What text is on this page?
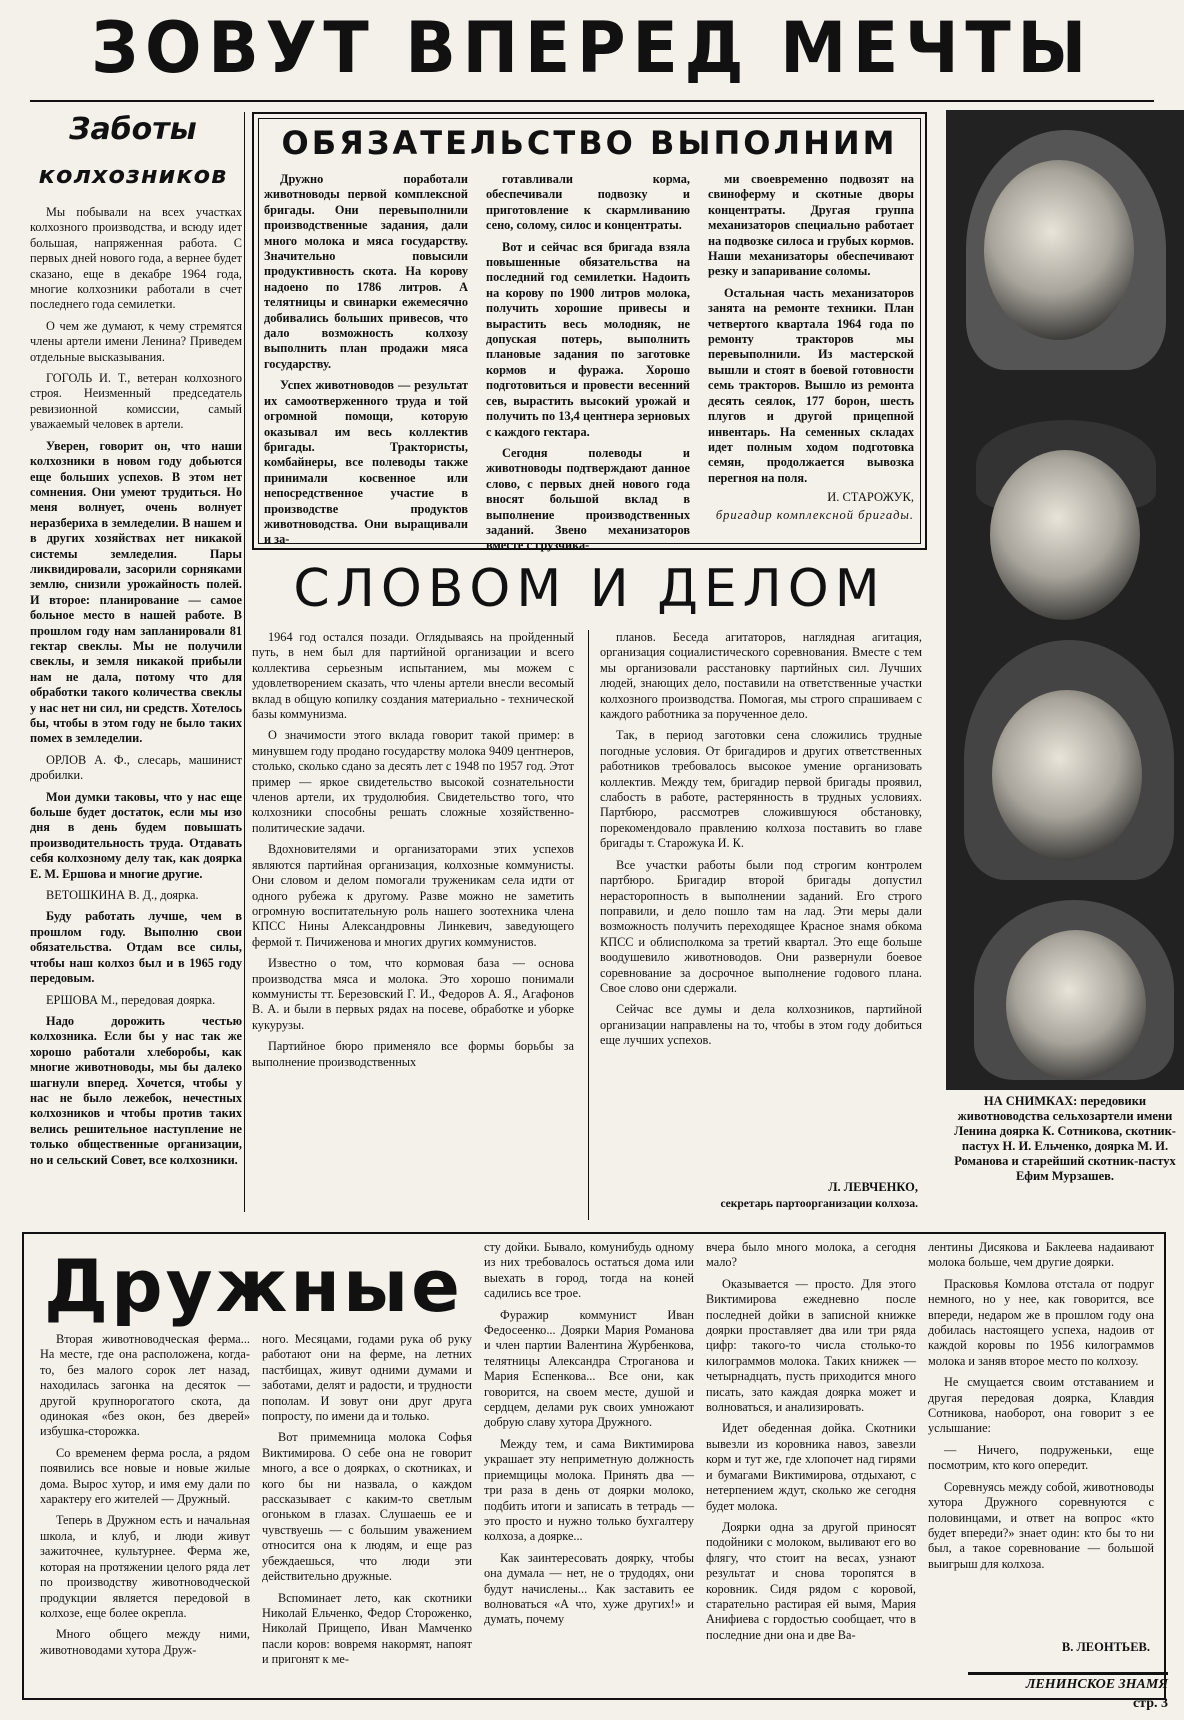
ЗОВУТ ВПЕРЕД МЕЧТЫ
Заботы
колхозников

Мы побывали на всех участках колхозного производства, и всюду идет большая, напряженная работа. С первых дней нового года, а вернее будет сказано, еще в декабре 1964 года, многие колхозники работали в счет последнего года семилетки.

О чем же думают, к чему стремятся члены артели имени Ленина? Приведем отдельные высказывания.

ГОГОЛЬ И. Т., ветеран колхозного строя. Неизменный председатель ревизионной комиссии, самый уважаемый человек в артели.

Уверен, говорит он, что наши колхозники в новом году добьются еще больших успехов. В этом нет сомнения. Они умеют трудиться. Но меня волнует, очень волнует неразбериха в земледелии. В нашем и в других хозяйствах нет никакой системы земледелия. Пары ликвидировали, засорили сорняками землю, снизили урожайность полей. И второе: планирование — самое больное место в нашей работе. В прошлом году нам запланировали 81 гектар свеклы. Мы не получили свеклы, и земля никакой прибыли нам не дала, потому что для обработки такого количества свеклы у нас нет ни сил, ни средств. Хотелось бы, чтобы в этом году не было таких помех в земледелии.

ОРЛОВ А. Ф., слесарь, машинист дробилки.

Мои думки таковы, что у нас еще больше будет достаток, если мы изо дня в день будем повышать производительность труда. Отдавать себя колхозному делу так, как доярка Е. М. Ершова и многие другие.

ВЕТОШКИНА В. Д., доярка.

Буду работать лучше, чем в прошлом году. Выполню свои обязательства. Отдам все силы, чтобы наш колхоз был и в 1965 году передовым.

ЕРШОВА М., передовая доярка.

Надо дорожить честью колхозника. Если бы у нас так же хорошо работали хлеборобы, как многие животноводы, мы бы далеко шагнули вперед. Хочется, чтобы у нас не было лежебок, нечестных колхозников и чтобы против таких велись решительное наступление не только общественные организации, но и сельский Совет, все колхозники.

ОБЯЗАТЕЛЬСТВО ВЫПОЛНИМ

Дружно поработали животноводы первой комплексной бригады. Они перевыполнили производственные задания, дали много молока и мяса государству. Значительно повысили продуктивность скота. На корову надоено по 1786 литров. А телятницы и свинарки ежемесячно добивались больших привесов, что дало возможность колхозу выполнить план продажи мяса государству.

Успех животноводов — результат их самоотверженного труда и той огромной помощи, которую оказывал им весь коллектив бригады. Трактористы, комбайнеры, все полеводы также принимали косвенное или непосредственное участие в производстве продуктов животноводства. Они выращивали и за-

готавливали корма, обеспечивали подвозку и приготовление к скармливанию сено, солому, силос и концентраты.

Вот и сейчас вся бригада взяла повышенные обязательства на последний год семилетки. Надоить на корову по 1900 литров молока, получить хорошие привесы и вырастить весь молодняк, не допуская потерь, выполнить плановые задания по заготовке кормов и фуража. Хорошо подготовиться и провести весенний сев, вырастить высокий урожай и получить по 13,4 центнера зерновых с каждого гектара.

Сегодня полеводы и животноводы подтверждают данное слово, с первых дней нового года вносят большой вклад в выполнение производственных заданий. Звено механизаторов вместе с грузчика-

ми своевременно подвозят на свиноферму и скотные дворы концентраты. Другая группа механизаторов специально работает на подвозке силоса и грубых кормов. Наши механизаторы обеспечивают резку и запаривание соломы.

Остальная часть механизаторов занята на ремонте техники. План четвертого квартала 1964 года по ремонту тракторов мы перевыполнили. Из мастерской вышли и стоят в боевой готовности семь тракторов. Вышло из ремонта десять сеялок, 177 борон, шесть плугов и другой прицепной инвентарь. На семенных складах идет полным ходом подготовка семян, продолжается вывозка перегноя на поля.

И. СТАРОЖУК,
бригадир комплексной бригады.
СЛОВОМ И ДЕЛОМ

1964 год остался позади. Оглядываясь на пройденный путь, в нем был для партийной организации и всего коллектива серьезным испытанием, мы можем с удовлетворением сказать, что члены артели внесли весомый вклад в общую копилку создания материально - технической базы коммунизма.

О значимости этого вклада говорит такой пример: в минувшем году продано государству молока 9409 центнеров, столько, сколько сдано за десять лет с 1948 по 1957 год. Этот пример — яркое свидетельство высокой сознательности членов артели, их трудолюбия. Свидетельство того, что колхозники способны решать сложные хозяйственно-политические задачи.

Вдохновителями и организаторами этих успехов являются партийная организация, колхозные коммунисты. Они словом и делом помогали труженикам села идти от одного рубежа к другому. Разве можно не заметить огромную воспитательную роль нашего зоотехника члена КПСС Нины Александровны Линкевич, заведующего фермой т. Пичиженова и многих других коммунистов.

Известно о том, что кормовая база — основа производства мяса и молока. Это хорошо понимали коммунисты тт. Березовский Г. И., Федоров А. Я., Агафонов В. А. и были в первых рядах на посеве, обработке и уборке кукурузы.

Партийное бюро применяло все формы борьбы за выполнение производственных

планов. Беседа агитаторов, наглядная агитация, организация социалистического соревнования. Вместе с тем мы организовали расстановку партийных сил. Лучших людей, знающих дело, поставили на ответственные участки колхозного производства. Помогая, мы строго спрашиваем с каждого работника за порученное дело.

Так, в период заготовки сена сложились трудные погодные условия. От бригадиров и других ответственных работников требовалось высокое умение организовать коллектив. Между тем, бригадир первой бригады проявил, слабость в работе, растерянность в трудных условиях. Партбюро, рассмотрев сложившуюся обстановку, порекомендовало правлению колхоза поставить во главе бригады т. Старожука И. К.

Все участки работы были под строгим контролем партбюро. Бригадир второй бригады допустил нерасторопность в выполнении заданий. Его строго поправили, и дело пошло там на лад. Эти меры дали возможность получить переходящее Красное знамя обкома КПСС и облисполкома за третий квартал. Это еще больше воодушевило животноводов. Они развернули боевое соревнование за досрочное выполнение годового плана. Свое слово они сдержали.

Сейчас все думы и дела колхозников, партийной организации направлены на то, чтобы в этом году добиться еще лучших успехов.

Л. ЛЕВЧЕНКО,
секретарь партоорганизации колхоза.
НА СНИМКАХ: передовики животноводства сельхозартели имени Ленина доярка К. Сотникова, скотник-пастух Н. И. Ельченко, доярка М. И. Романова и старейший скотник-пастух Ефим Мурзашев.
Дружные

Вторая животноводческая ферма... На месте, где она расположена, когда-то, без малого сорок лет назад, находилась загонка на десяток — другой крупнорогатого скота, да одинокая «без окон, без дверей» избушка-сторожка.

Со временем ферма росла, а рядом появились все новые и новые жилые дома. Вырос хутор, и имя ему дали по характеру его жителей — Дружный.

Теперь в Дружном есть и начальная школа, и клуб, и люди живут зажиточнее, культурнее. Ферма же, которая на протяжении целого ряда лет по производству животноводческой продукции является передовой в колхозе, еще более окрепла.

Много общего между ними, животноводами хутора Друж-

ного. Месяцами, годами рука об руку работают они на ферме, на летних пастбищах, живут одними думами и заботами, делят и радости, и трудности пополам. И зовут они друг друга попросту, по имени да и только.

Вот примемница молока Софья Виктимирова. О себе она не говорит много, а все о доярках, о скотниках, и кого бы ни назвала, о каждом рассказывает с каким-то светлым огоньком в глазах. Слушаешь ее и чувствуешь — с большим уважением относится она к людям, и еще раз убеждаешься, что люди эти действительно дружные.

Вспоминает лето, как скотники Николай Ельченко, Федор Стороженко, Николай Прищепо, Иван Мамченко пасли коров: вовремя накормят, напоят и пригонят к ме-

сту дойки. Бывало, комунибудь одному из них требовалось остаться дома или выехать в город, тогда на коней садились все трое.

Фуражир коммунист Иван Федосеенко... Доярки Мария Романова и член партии Валентина Журбенкова, телятницы Александра Строганова и Мария Еспенкова... Все они, как говорится, на своем месте, душой и сердцем, делами рук своих умножают добрую славу хутора Дружного.

Между тем, и сама Виктимирова украшает эту неприметную должность приемщицы молока. Принять два — три раза в день от доярки молоко, подбить итоги и записать в тетрадь — это просто и нужно только бухгалтеру колхоза, а доярке...

Как заинтересовать доярку, чтобы она думала — нет, не о трудодях, они будут начислены... Как заставить ее волноваться «А что, хуже других!» и думать, почему

вчера было много молока, а сегодня мало?

Оказывается — просто. Для этого Виктимирова ежедневно после последней дойки в записной книжке доярки проставляет два или три ряда цифр: такого-то числа столько-то килограммов молока. Таких книжек — четырнадцать, пусть приходится много писать, зато каждая доярка может и волноваться, и анализировать.

Идет обеденная дойка. Скотники вывезли из коровника навоз, завезли корм и тут же, где хлопочет над гирями и бумагами Виктимирова, отдыхают, с нетерпением ждут, сколько же сегодня будет молока.

Доярки одна за другой приносят подойники с молоком, выливают его во флягу, что стоит на весах, узнают результат и снова торопятся в коровник. Сидя рядом с коровой, старательно растирая ей вымя, Мария Анифиева с гордостью сообщает, что в последние дни она и две Ва-

лентины Дисякова и Баклеева надаивают молока больше, чем другие доярки.

Прасковья Комлова отстала от подруг немного, но у нее, как говорится, все впереди, недаром же в прошлом году она добилась настоящего успеха, надоив от каждой коровы по 1956 килограммов молока и заняв второе место по колхозу.

Не смущается своим отставанием и другая передовая доярка, Клавдия Сотникова, наоборот, она говорит з ее услышание:

— Ничего, подруженьки, еще посмотрим, кто кого опередит.

Соревнуясь между собой, животноводы хутора Дружного соревнуются с половинцами, и ответ на вопрос «кто будет впереди?» знает один: кто бы то ни был, а такое соревнование — большой выигрыш для колхоза.

В. ЛЕОНТЬЕВ.
ЛЕНИНСКОЕ ЗНАМЯ
стр. 3
